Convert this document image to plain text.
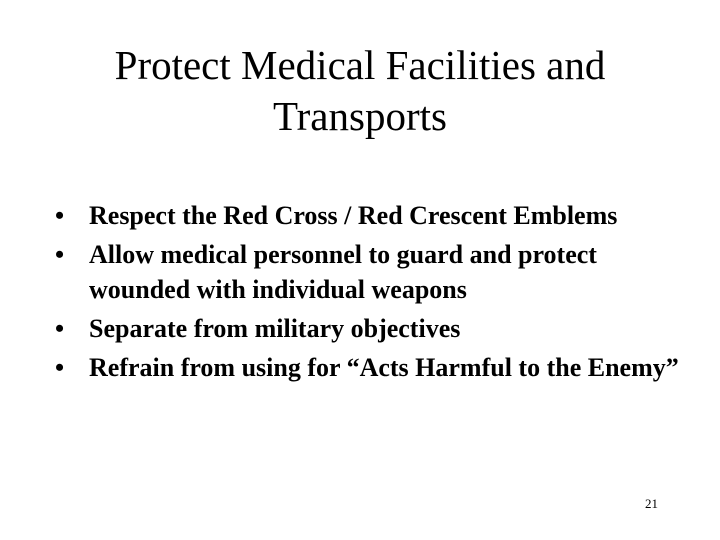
Protect Medical Facilities and
Transports
• Respect the Red Cross / Red Crescent Emblems
• Allow medical personnel to guard and protect wounded with individual weapons
• Separate from military objectives
• Refrain from using for “Acts Harmful to the Enemy”
21
